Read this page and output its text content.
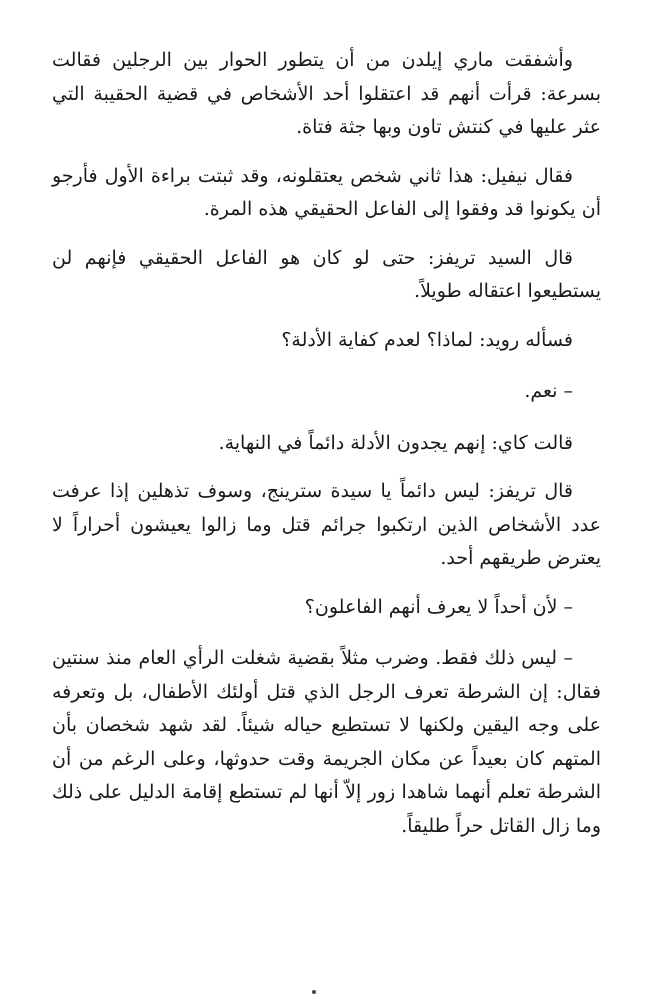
وأشفقت ماري إيلدن من أن يتطور الحوار بين الرجلين فقالت بسرعة: قرأت أنهم قد اعتقلوا أحد الأشخاص في قضية الحقيبة التي عثر عليها في كنتش تاون وبها جثة فتاة.

فقال نيفيل: هذا ثاني شخص يعتقلونه، وقد ثبتت براءة الأول فأرجو أن يكونوا قد وفقوا إلى الفاعل الحقيقي هذه المرة.

قال السيد تريفز: حتى لو كان هو الفاعل الحقيقي فإنهم لن يستطيعوا اعتقاله طويلاً.

فسأله رويد: لماذا؟ لعدم كفاية الأدلة؟

– نعم.

قالت كاي: إنهم يجدون الأدلة دائماً في النهاية.

قال تريفز: ليس دائماً يا سيدة سترينج، وسوف تذهلين إذا عرفت عدد الأشخاص الذين ارتكبوا جرائم قتل وما زالوا يعيشون أحراراً لا يعترض طريقهم أحد.

– لأن أحداً لا يعرف أنهم الفاعلون؟

– ليس ذلك فقط. وضرب مثلاً بقضية شغلت الرأي العام منذ سنتين فقال: إن الشرطة تعرف الرجل الذي قتل أولئك الأطفال، بل وتعرفه على وجه اليقين ولكنها لا تستطيع حياله شيئاً. لقد شهد شخصان بأن المتهم كان بعيداً عن مكان الجريمة وقت حدوثها، وعلى الرغم من أن الشرطة تعلم أنهما شاهدا زور إلاّ أنها لم تستطع إقامة الدليل على ذلك وما زال القاتل حراً طليقاً.
